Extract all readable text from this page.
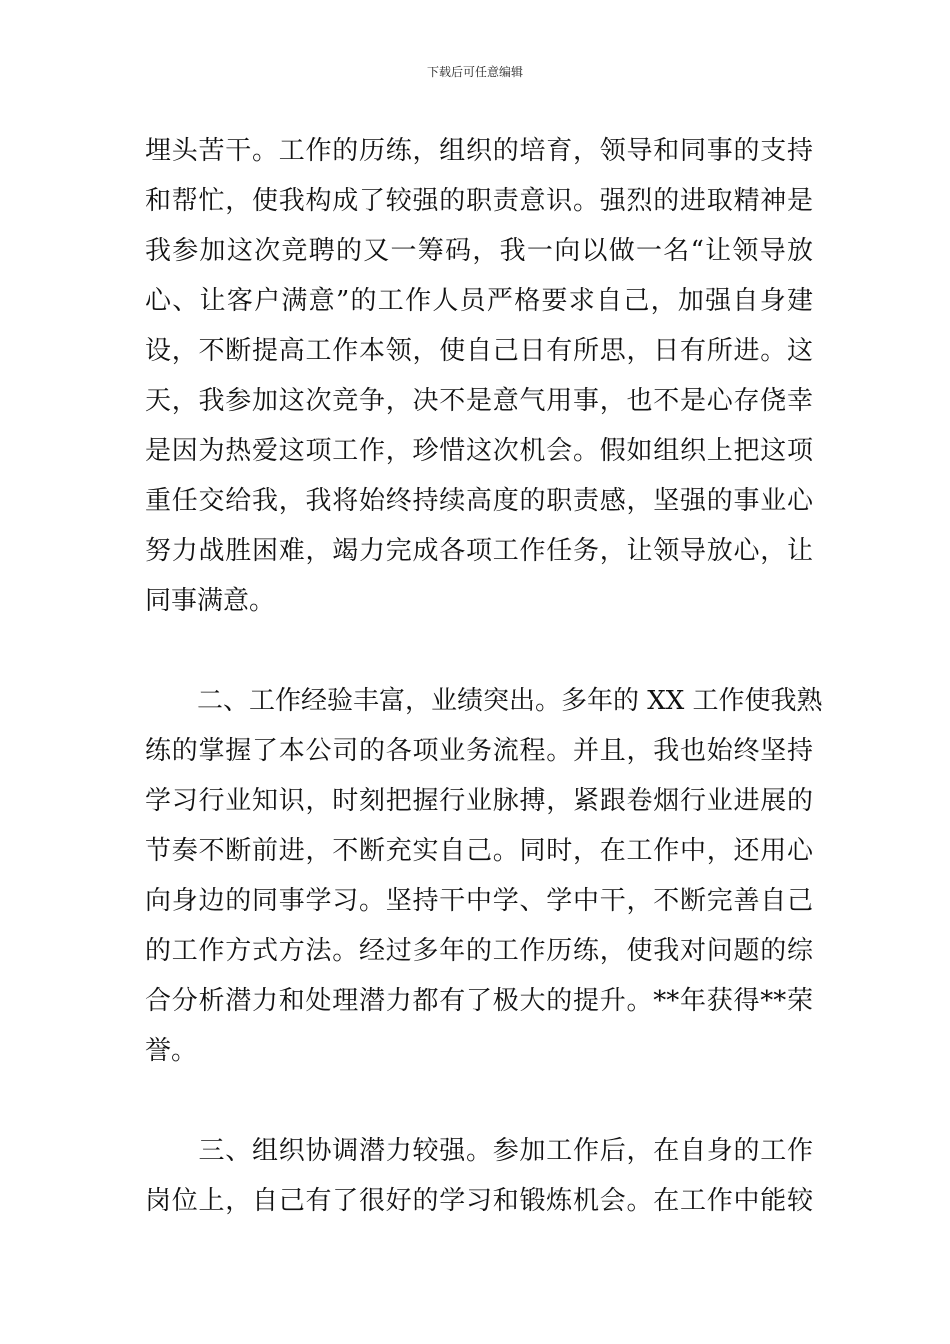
下载后可任意编辑
埋头苦干。工作的历练，组织的培育，领导和同事的支持
和帮忙，使我构成了较强的职责意识。强烈的进取精神是
我参加这次竞聘的又一筹码，我一向以做一名“让领导放
心、让客户满意”的工作人员严格要求自己，加强自身建
设，不断提高工作本领，使自己日有所思，日有所进。这
天，我参加这次竞争，决不是意气用事，也不是心存侥幸
是因为热爱这项工作，珍惜这次机会。假如组织上把这项
重任交给我，我将始终持续高度的职责感，坚强的事业心
努力战胜困难，竭力完成各项工作任务，让领导放心，让
同事满意。
　　二、工作经验丰富，业绩突出。多年的 XX 工作使我熟
练的掌握了本公司的各项业务流程。并且，我也始终坚持
学习行业知识，时刻把握行业脉搏，紧跟卷烟行业进展的
节奏不断前进，不断充实自己。同时，在工作中，还用心
向身边的同事学习。坚持干中学、学中干，不断完善自己
的工作方式方法。经过多年的工作历练，使我对问题的综
合分析潜力和处理潜力都有了极大的提升。**年获得**荣
誉。
　　三、组织协调潜力较强。参加工作后，在自身的工作
岗位上，自己有了很好的学习和锻炼机会。在工作中能较
